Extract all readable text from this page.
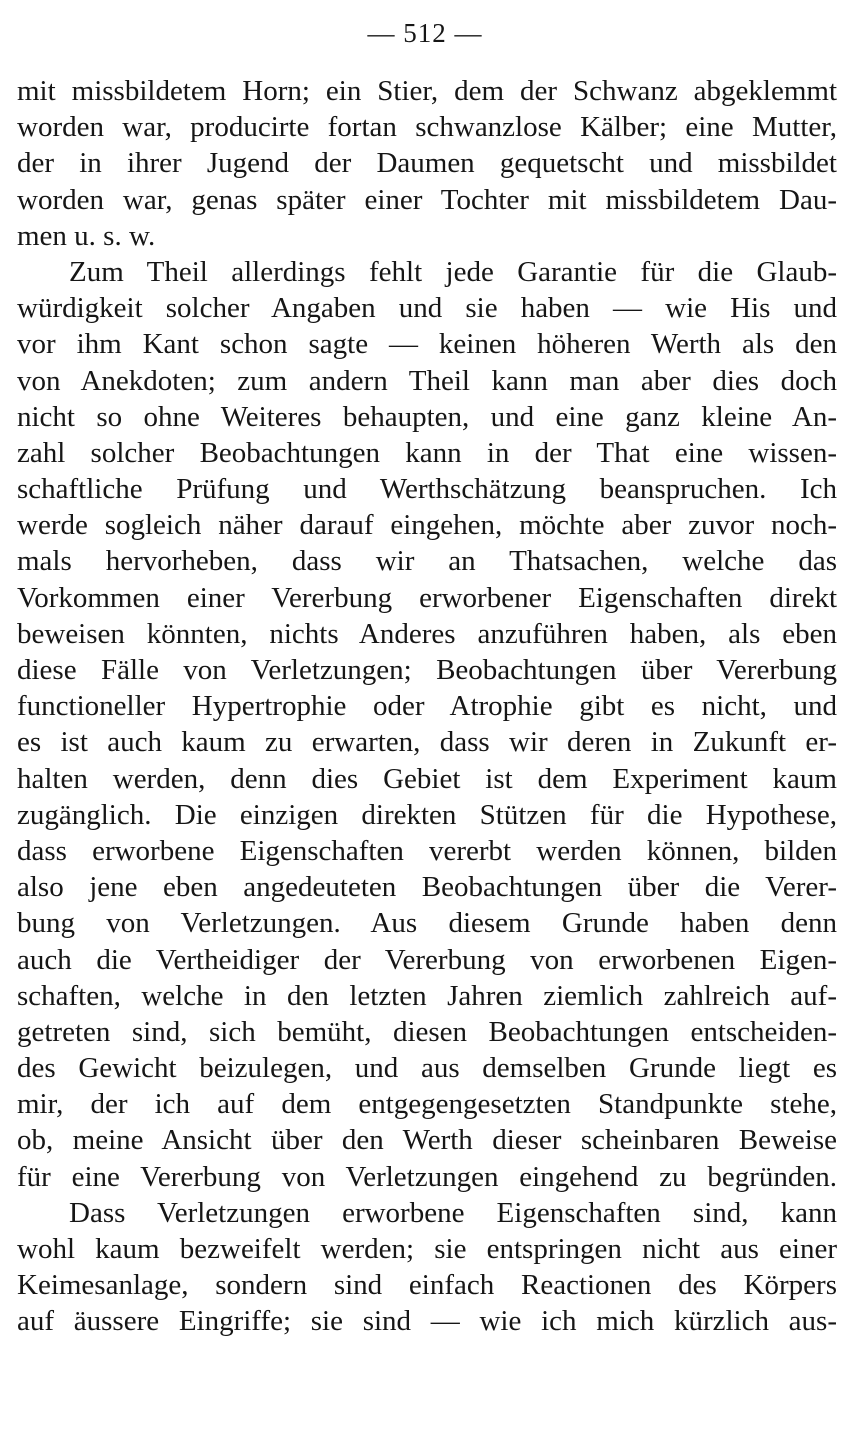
— 512 —
mit missbildetem Horn; ein Stier, dem der Schwanz abgeklemmt
worden war, producirte fortan schwanzlose Kälber; eine Mutter,
der in ihrer Jugend der Daumen gequetscht und missbildet
worden war, genas später einer Tochter mit missbildetem Dau-
men u. s. w.
Zum Theil allerdings fehlt jede Garantie für die Glaub-
würdigkeit solcher Angaben und sie haben — wie His und
vor ihm Kant schon sagte — keinen höheren Werth als den
von Anekdoten; zum andern Theil kann man aber dies doch
nicht so ohne Weiteres behaupten, und eine ganz kleine An-
zahl solcher Beobachtungen kann in der That eine wissen-
schaftliche Prüfung und Werthschätzung beanspruchen. Ich
werde sogleich näher darauf eingehen, möchte aber zuvor noch-
mals hervorheben, dass wir an Thatsachen, welche das
Vorkommen einer Vererbung erworbener Eigenschaften direkt
beweisen könnten, nichts Anderes anzuführen haben, als eben
diese Fälle von Verletzungen; Beobachtungen über Vererbung
functioneller Hypertrophie oder Atrophie gibt es nicht, und
es ist auch kaum zu erwarten, dass wir deren in Zukunft er-
halten werden, denn dies Gebiet ist dem Experiment kaum
zugänglich. Die einzigen direkten Stützen für die Hypothese,
dass erworbene Eigenschaften vererbt werden können, bilden
also jene eben angedeuteten Beobachtungen über die Verer-
bung von Verletzungen. Aus diesem Grunde haben denn
auch die Vertheidiger der Vererbung von erworbenen Eigen-
schaften, welche in den letzten Jahren ziemlich zahlreich auf-
getreten sind, sich bemüht, diesen Beobachtungen entscheiden-
des Gewicht beizulegen, und aus demselben Grunde liegt es
mir, der ich auf dem entgegengesetzten Standpunkte stehe,
ob, meine Ansicht über den Werth dieser scheinbaren Beweise
für eine Vererbung von Verletzungen eingehend zu begründen.
Dass Verletzungen erworbene Eigenschaften sind, kann
wohl kaum bezweifelt werden; sie entspringen nicht aus einer
Keimesanlage, sondern sind einfach Reactionen des Körpers
auf äussere Eingriffe; sie sind — wie ich mich kürzlich aus-
